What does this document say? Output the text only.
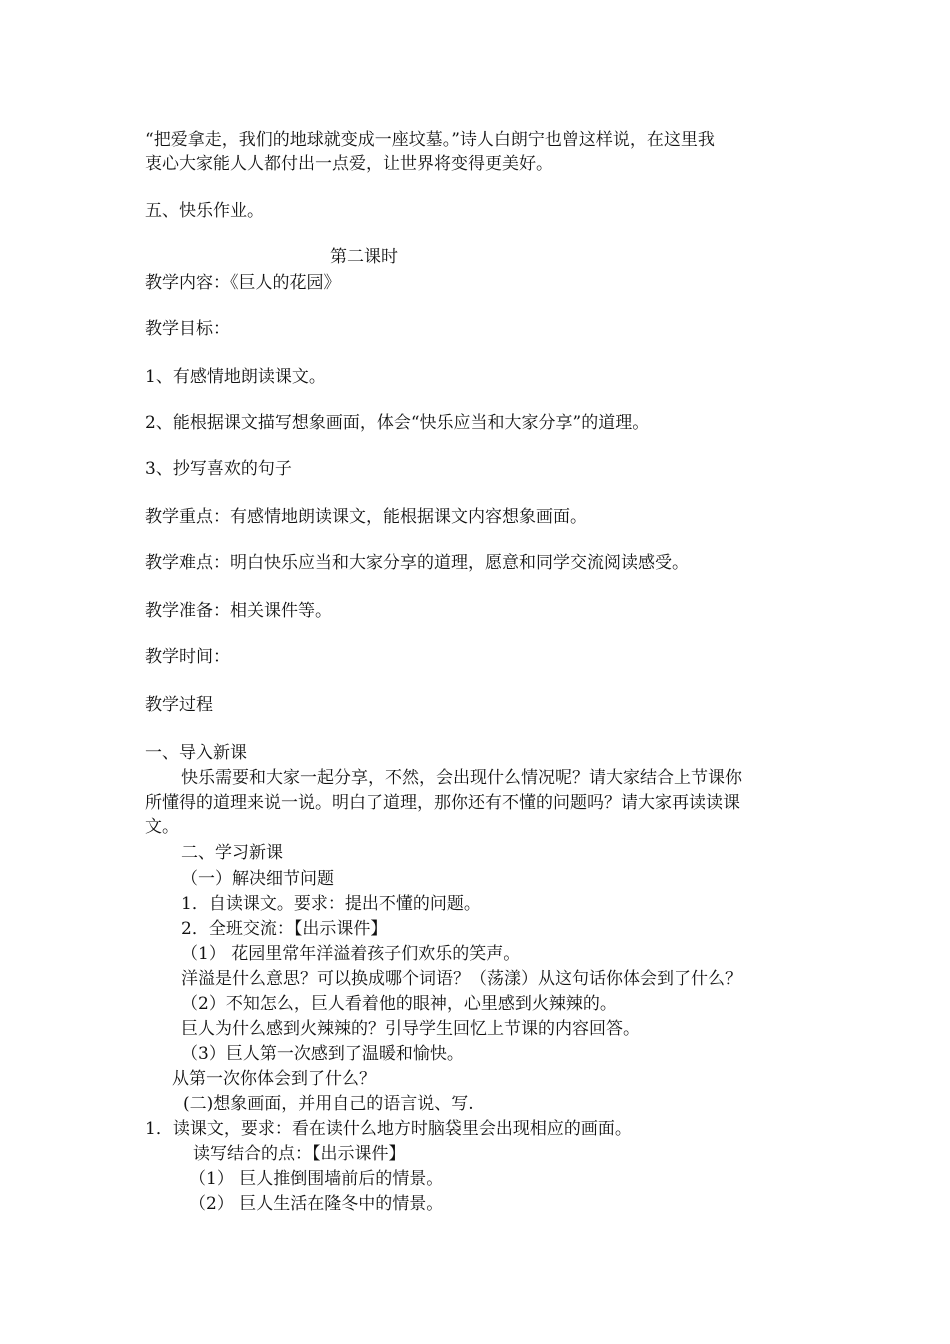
“把爱拿走，我们的地球就变成一座坟墓。”诗人白朗宁也曾这样说，在这里我
衷心大家能人人都付出一点爱，让世界将变得更美好。
五、快乐作业。
第二课时
教学内容：《巨人的花园》
教学目标：
1、有感情地朗读课文。
2、能根据课文描写想象画面，体会“快乐应当和大家分享”的道理。
3、抄写喜欢的句子
教学重点：有感情地朗读课文，能根据课文内容想象画面。
教学难点：明白快乐应当和大家分享的道理，愿意和同学交流阅读感受。
教学准备：相关课件等。
教学时间：
教学过程
一、导入新课
快乐需要和大家一起分享，不然，会出现什么情况呢？请大家结合上节课你
所懂得的道理来说一说。明白了道理，那你还有不懂的问题吗？请大家再读读课
文。
二、学习新课
（一）解决细节问题
1．自读课文。要求：提出不懂的问题。
2．全班交流：【出示课件】
（1） 花园里常年洋溢着孩子们欢乐的笑声。
洋溢是什么意思？可以换成哪个词语？（荡漾）从这句话你体会到了什么？
（2）不知怎么，巨人看着他的眼神，心里感到火辣辣的。
巨人为什么感到火辣辣的？引导学生回忆上节课的内容回答。
（3）巨人第一次感到了温暖和愉快。
从第一次你体会到了什么？
(二)想象画面，并用自己的语言说、写.
1．读课文，要求：看在读什么地方时脑袋里会出现相应的画面。
读写结合的点：【出示课件】
（1） 巨人推倒围墙前后的情景。
（2） 巨人生活在隆冬中的情景。
